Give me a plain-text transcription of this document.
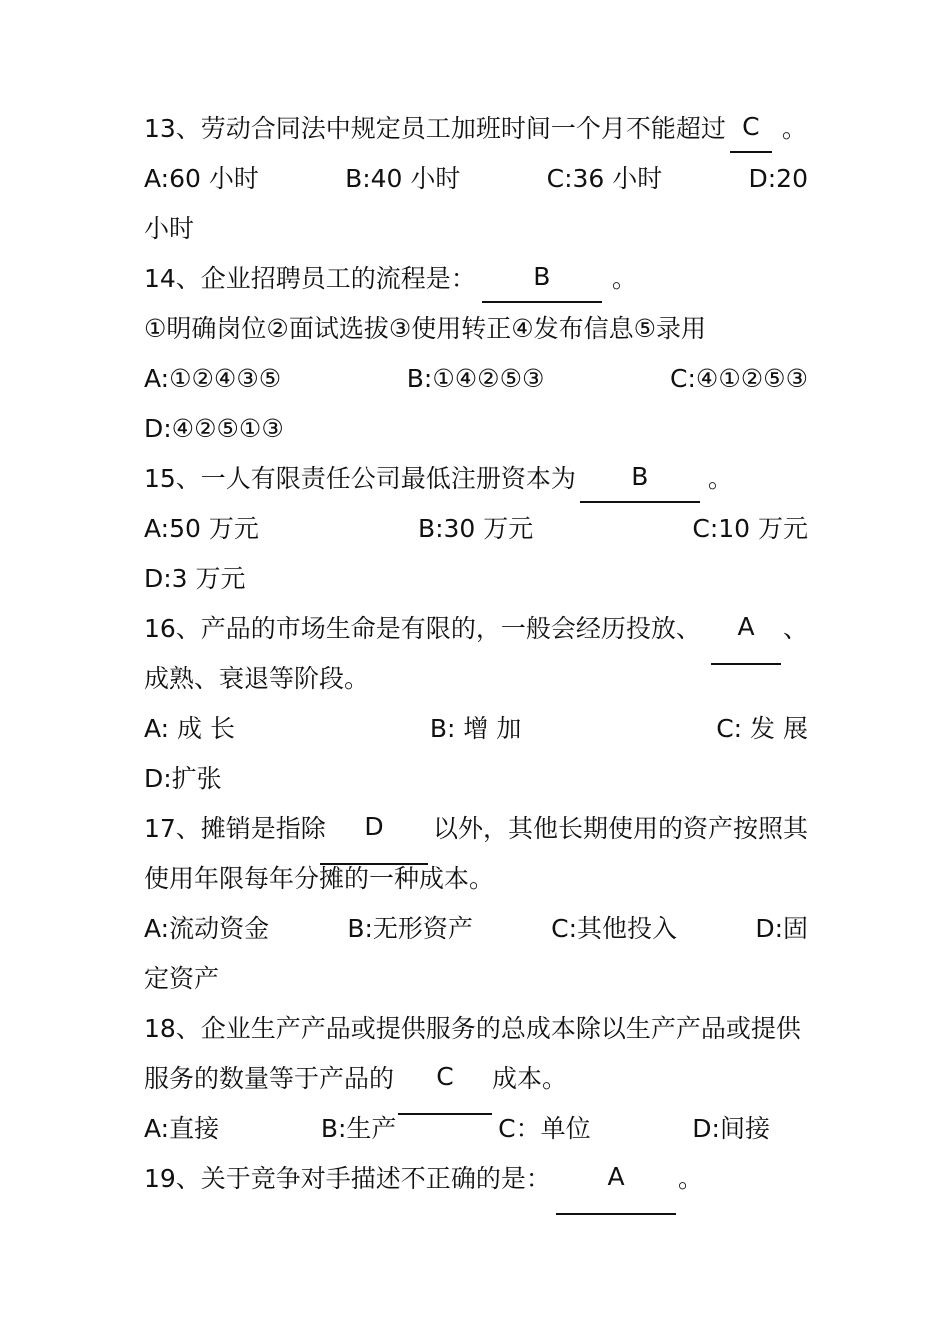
13、劳动合同法中规定员工加班时间一个月不能超过 C 。
A:60 小时	B:40 小时	C:36 小时	D:20
小时
14、企业招聘员工的流程是： B 。
①明确岗位②面试选拔③使用转正④发布信息⑤录用
A:①②④③⑤	B:①④②⑤③	C:④①②⑤③
D:④②⑤①③
15、一人有限责任公司最低注册资本为 B 。
A:50 万元	B:30 万元	C:10 万元
D:3 万元
16、产品的市场生命是有限的，一般会经历投放、	A	、
成熟、衰退等阶段。
A: 成 长	B: 增 加	C: 发 展
D:扩张
17、摊销是指除	D	以外，其他长期使用的资产按照其
使用年限每年分摊的一种成本。
A:流动资金	B:无形资产	C:其他投入	D:固
定资产
18、企业生产产品或提供服务的总成本除以生产产品或提供
服务的数量等于产品的	C	成本。
A:直接	B:生产	C：单位	D:间接
19、关于竞争对手描述不正确的是：	A	。
